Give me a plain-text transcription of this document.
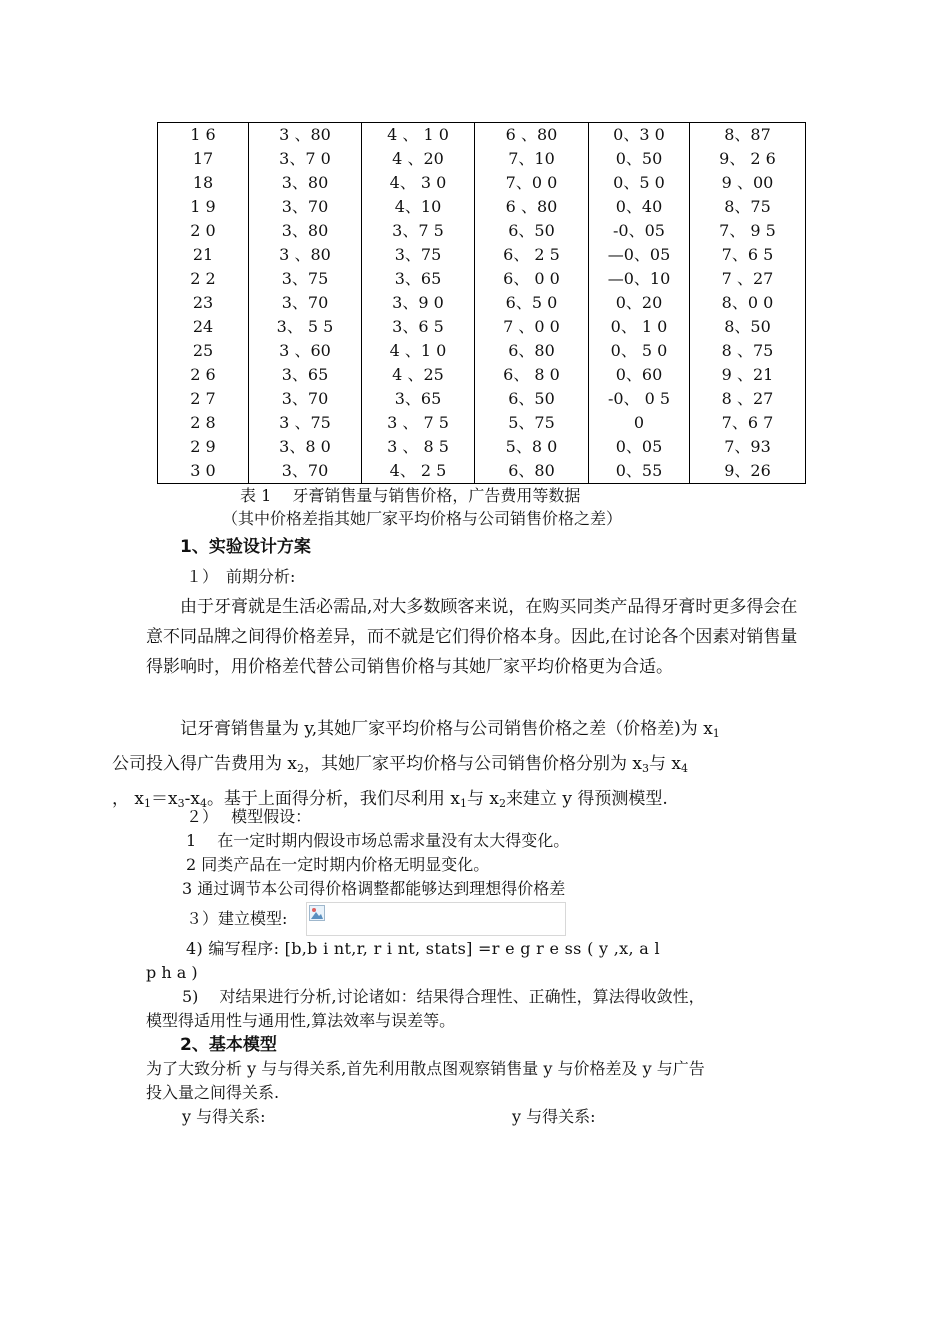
1 6	3 、80	4 、 1 0	6 、80	0、3 0	8、87
17	3、7 0	4 、20	7、10	0、50	9、 2 6
18	3、80	4、 3 0	7、0 0	0、5 0	9 、00
1 9	3、70	4、10	6 、80	0、40	8、75
2 0	3、80	3、7 5	6、50	-0、05	7、 9 5
21	3 、80	3、75	6、 2 5	—0、05	7、6 5
2 2	3、75	3、65	6、 0 0	—0、10	7 、27
23	3、70	3、9 0	6、5 0	0、20	8、0 0
24	3、 5 5	3、6 5	7 、0 0	0、 1 0	8、50
25	3 、60	4 、1 0	6、80	0、 5 0	8 、75
2 6	3、65	4 、25	6、 8 0	0、60	9 、21
2 7	3、70	3、65	6、50	-0、 0 5	8 、27
2 8	3 、75	3 、 7 5	5、75	0	7、6 7
2 9	3、8 0	3 、 8 5	5、8 0	0、05	7、93
3 0	3、70	4、 2 5	6、80	0、55	9、26
表 1　 牙膏销售量与销售价格，广告费用等数据
（其中价格差指其她厂家平均价格与公司销售价格之差）
1、实验设计方案
１）　前期分析:
由于牙膏就是生活必需品,对大多数顾客来说，在购买同类产品得牙膏时更多得会在意不同品牌之间得价格差异，而不就是它们得价格本身。因此,在讨论各个因素对销售量得影响时，用价格差代替公司销售价格与其她厂家平均价格更为合适。
记牙膏销售量为 y,其她厂家平均价格与公司销售价格之差（价格差)为 $x_1$
公司投入得广告费用为 $x_2$，其她厂家平均价格与公司销售价格分别为 $x_3$与 $x_4$
， $x_1=x_3-x_4$。基于上面得分析，我们尽利用 $x_1$与 $x_2$来建立 y 得预测模型.
２）　 模型假设：
1　 在一定时期内假设市场总需求量没有太大得变化。
2 同类产品在一定时期内价格无明显变化。
3 通过调节本公司得价格调整都能够达到理想得价格差
３）建立模型:
4) 编写程序: [b,b i nt,r, r i nt, stats] =r e g r e ss ( y ,x, a l
p h a )
5)　 对结果进行分析,讨论诸如：结果得合理性、正确性，算法得收敛性，
模型得适用性与通用性,算法效率与误差等。
2、基本模型
为了大致分析 y 与与得关系,首先利用散点图观察销售量 y 与价格差及 y 与广告
投入量之间得关系.
y 与得关系:	y 与得关系:
